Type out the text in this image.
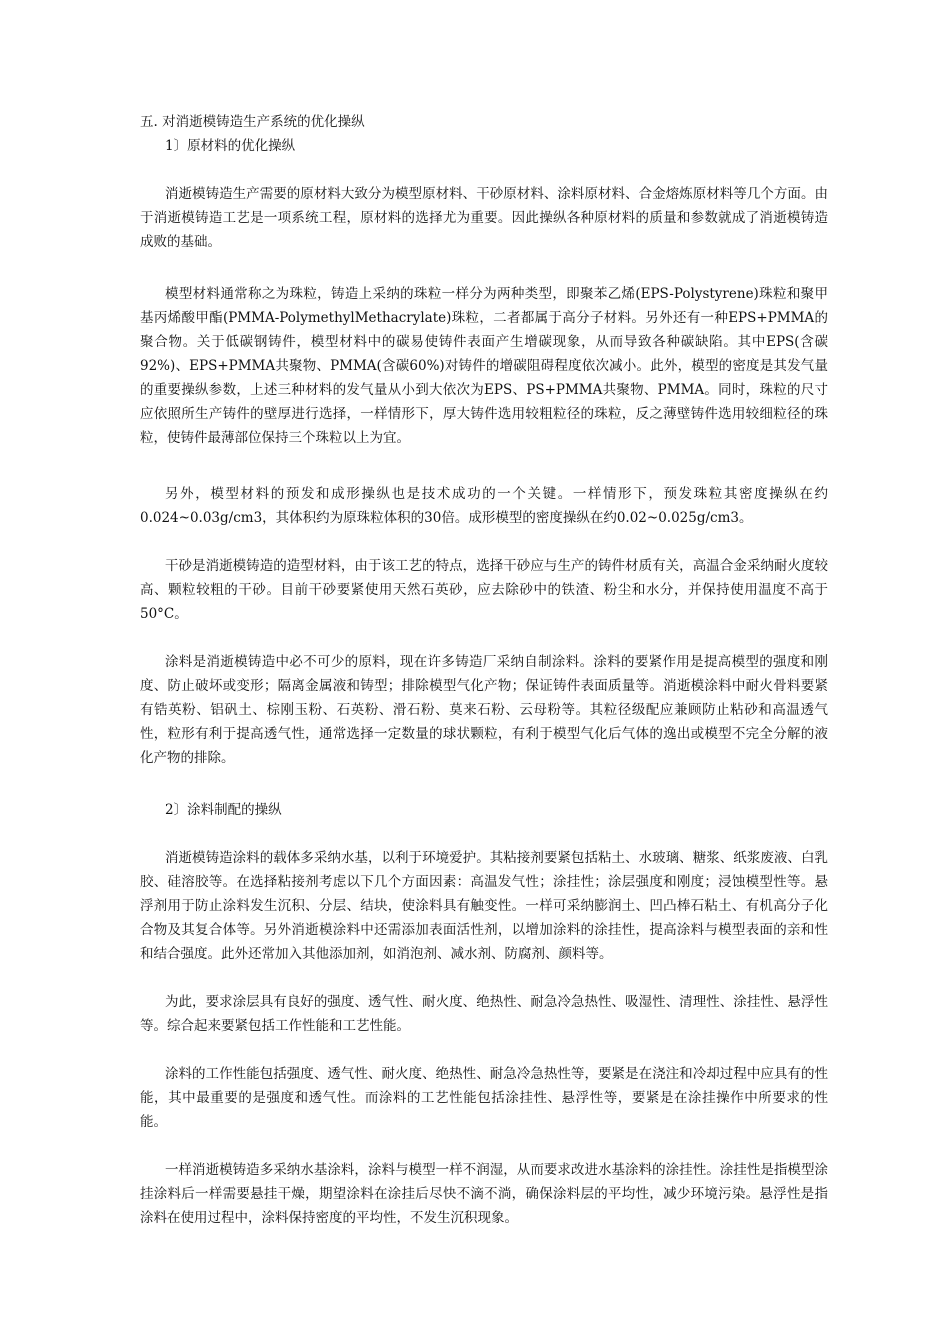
五. 对消逝模铸造生产系统的优化操纵
1〕原材料的优化操纵

消逝模铸造生产需要的原材料大致分为模型原材料、干砂原材料、涂料原材料、合金熔炼原材料等几个方面。由于消逝模铸造工艺是一项系统工程，原材料的选择尤为重要。因此操纵各种原材料的质量和参数就成了消逝模铸造成败的基础。

模型材料通常称之为珠粒，铸造上采纳的珠粒一样分为两种类型，即聚苯乙烯(EPS-Polystyrene)珠粒和聚甲基丙烯酸甲酯(PMMA-PolymethylMethacrylate)珠粒，二者都属于高分子材料。另外还有一种EPS+PMMA的聚合物。关于低碳钢铸件，模型材料中的碳易使铸件表面产生增碳现象，从而导致各种碳缺陷。其中EPS(含碳92%)、EPS+PMMA共聚物、PMMA(含碳60%)对铸件的增碳阻碍程度依次减小。此外，模型的密度是其发气量的重要操纵参数，上述三种材料的发气量从小到大依次为EPS、PS+PMMA共聚物、PMMA。同时，珠粒的尺寸应依照所生产铸件的壁厚进行选择，一样情形下，厚大铸件选用较粗粒径的珠粒，反之薄壁铸件选用较细粒径的珠粒，使铸件最薄部位保持三个珠粒以上为宜。

另外，模型材料的预发和成形操纵也是技术成功的一个关键。一样情形下，预发珠粒其密度操纵在约0.024~0.03g/cm3，其体积约为原珠粒体积的30倍。成形模型的密度操纵在约0.02~0.025g/cm3。

干砂是消逝模铸造的造型材料，由于该工艺的特点，选择干砂应与生产的铸件材质有关，高温合金采纳耐火度较高、颗粒较粗的干砂。目前干砂要紧使用天然石英砂，应去除砂中的铁渣、粉尘和水分，并保持使用温度不高于50°C。

涂料是消逝模铸造中必不可少的原料，现在许多铸造厂采纳自制涂料。涂料的要紧作用是提高模型的强度和刚度、防止破坏或变形；隔离金属液和铸型；排除模型气化产物；保证铸件表面质量等。消逝模涂料中耐火骨料要紧有锆英粉、铝矾土、棕刚玉粉、石英粉、滑石粉、莫来石粉、云母粉等。其粒径级配应兼顾防止粘砂和高温透气性，粒形有利于提高透气性，通常选择一定数量的球状颗粒，有利于模型气化后气体的逸出或模型不完全分解的液化产物的排除。

2〕涂料制配的操纵

消逝模铸造涂料的载体多采纳水基，以利于环境爱护。其粘接剂要紧包括粘土、水玻璃、糖浆、纸浆废液、白乳胶、硅溶胶等。在选择粘接剂考虑以下几个方面因素：高温发气性；涂挂性；涂层强度和刚度；浸蚀模型性等。悬浮剂用于防止涂料发生沉积、分层、结块，使涂料具有触变性。一样可采纳膨润土、凹凸棒石粘土、有机高分子化合物及其复合体等。另外消逝模涂料中还需添加表面活性剂，以增加涂料的涂挂性，提高涂料与模型表面的亲和性和结合强度。此外还常加入其他添加剂，如消泡剂、减水剂、防腐剂、颜料等。

为此，要求涂层具有良好的强度、透气性、耐火度、绝热性、耐急冷急热性、吸湿性、清理性、涂挂性、悬浮性等。综合起来要紧包括工作性能和工艺性能。

涂料的工作性能包括强度、透气性、耐火度、绝热性、耐急冷急热性等，要紧是在浇注和冷却过程中应具有的性能，其中最重要的是强度和透气性。而涂料的工艺性能包括涂挂性、悬浮性等，要紧是在涂挂操作中所要求的性能。

一样消逝模铸造多采纳水基涂料，涂料与模型一样不润湿，从而要求改进水基涂料的涂挂性。涂挂性是指模型涂挂涂料后一样需要悬挂干燥，期望涂料在涂挂后尽快不滴不淌，确保涂料层的平均性，减少环境污染。悬浮性是指涂料在使用过程中，涂料保持密度的平均性，不发生沉积现象。
